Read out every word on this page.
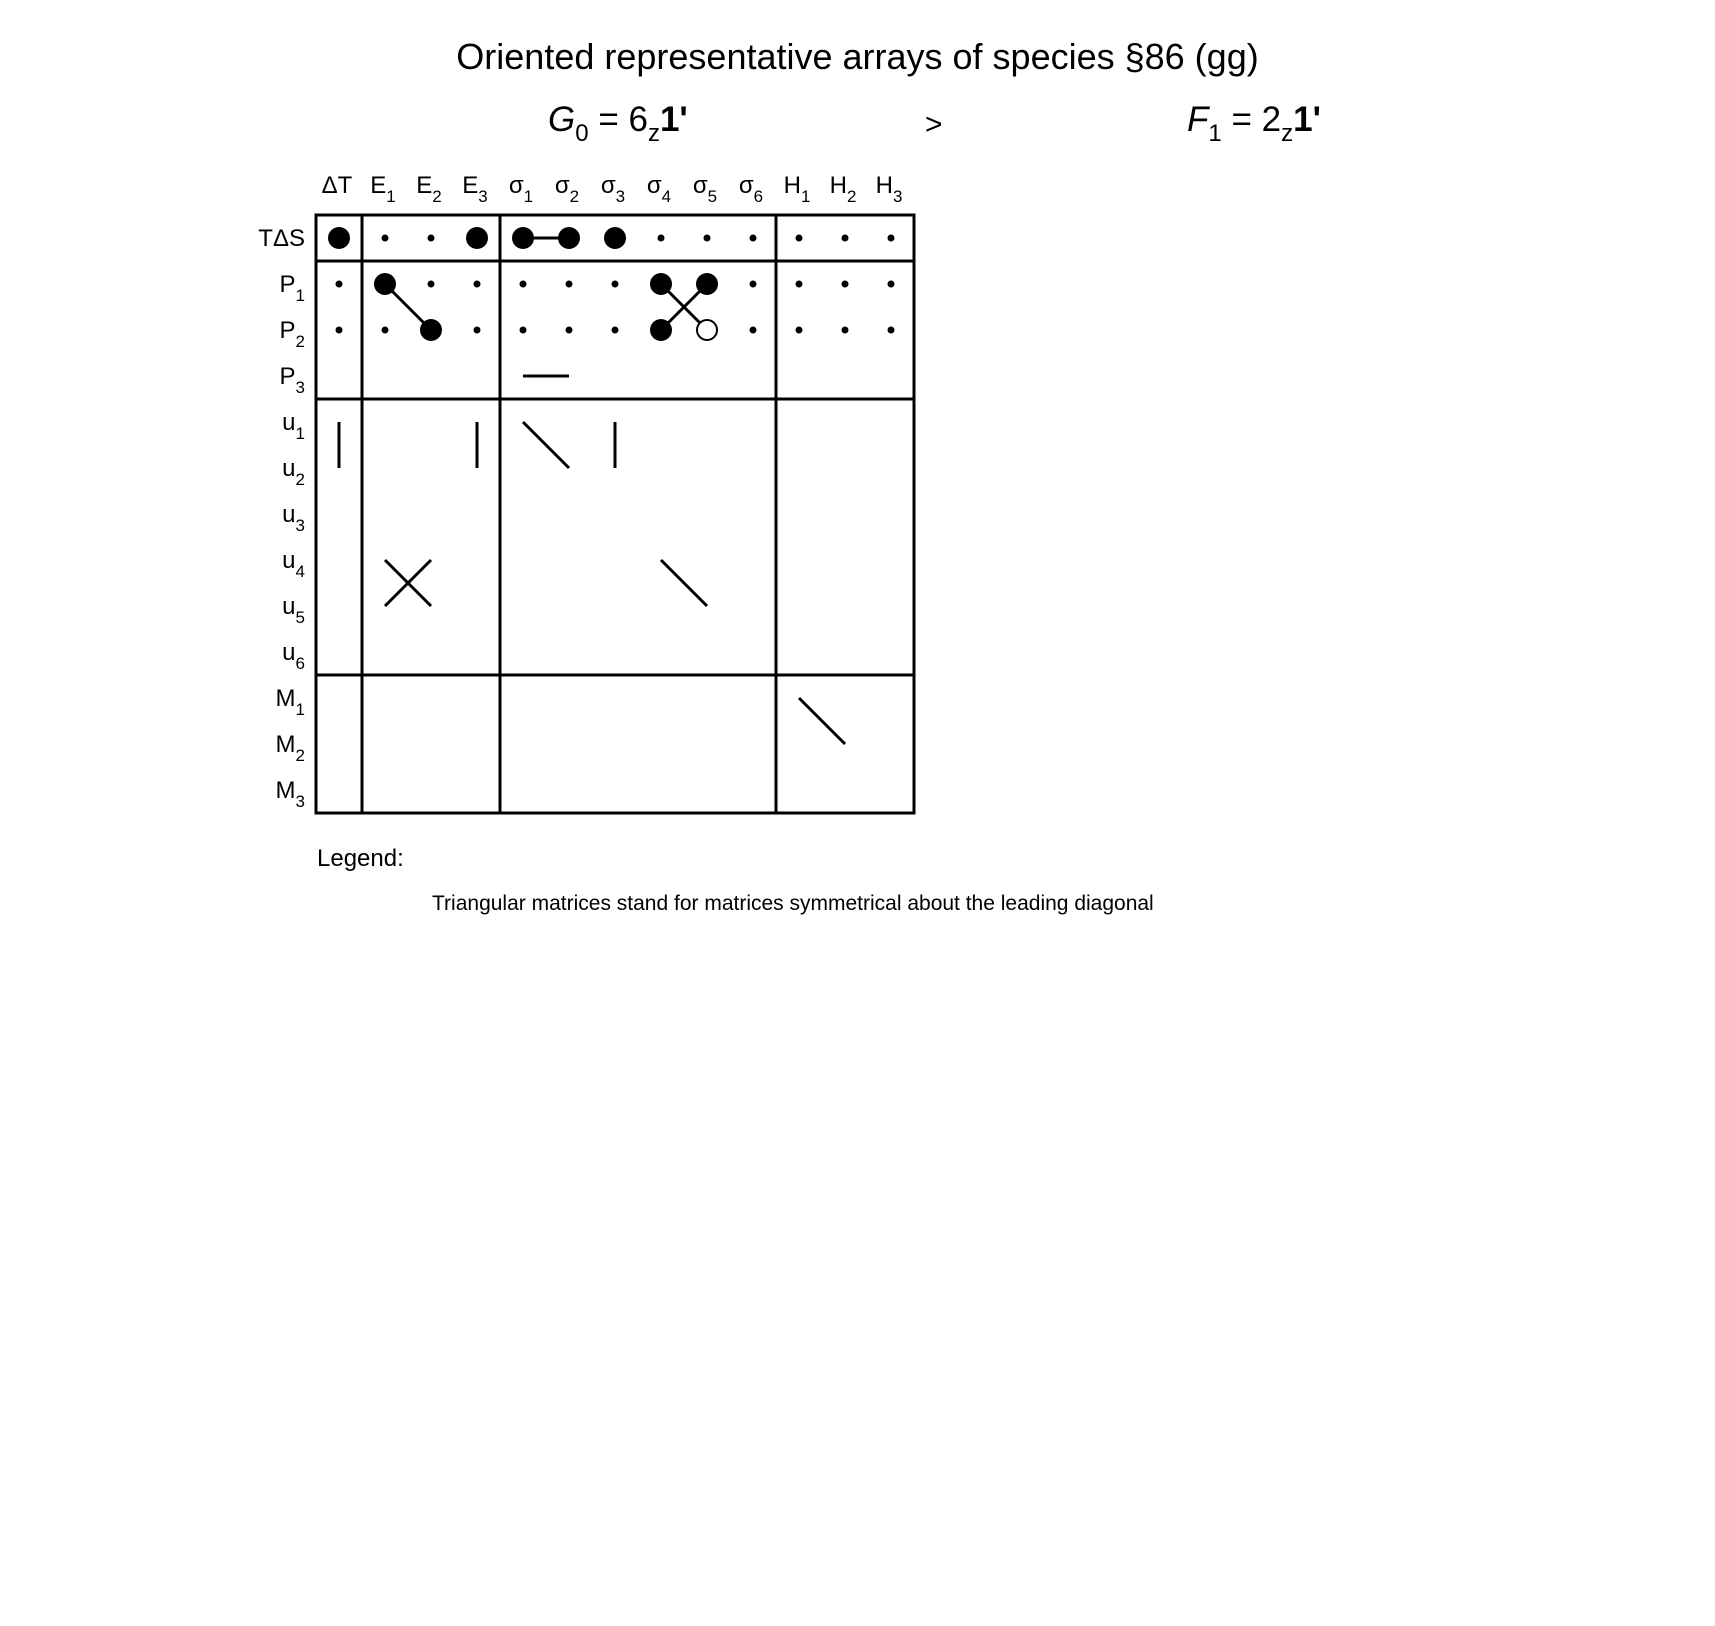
Oriented representative arrays of species §86 (gg)
$G_0 = 6_z1'$	>	$F_1 = 2_z1'$
ΔT $E_1$ $E_2$ $E_3$ $\sigma_1$ $\sigma_2$ $\sigma_3$ $\sigma_4$ $\sigma_5$ $\sigma_6$ $H_1$ $H_2$ $H_3$
TΔS
$P_1$
$P_2$
$P_3$
$u_1$
$u_2$
$u_3$
$u_4$
$u_5$
$u_6$
$M_1$
$M_2$
$M_3$
Legend:
Triangular matrices stand for matrices symmetrical about the leading diagonal
